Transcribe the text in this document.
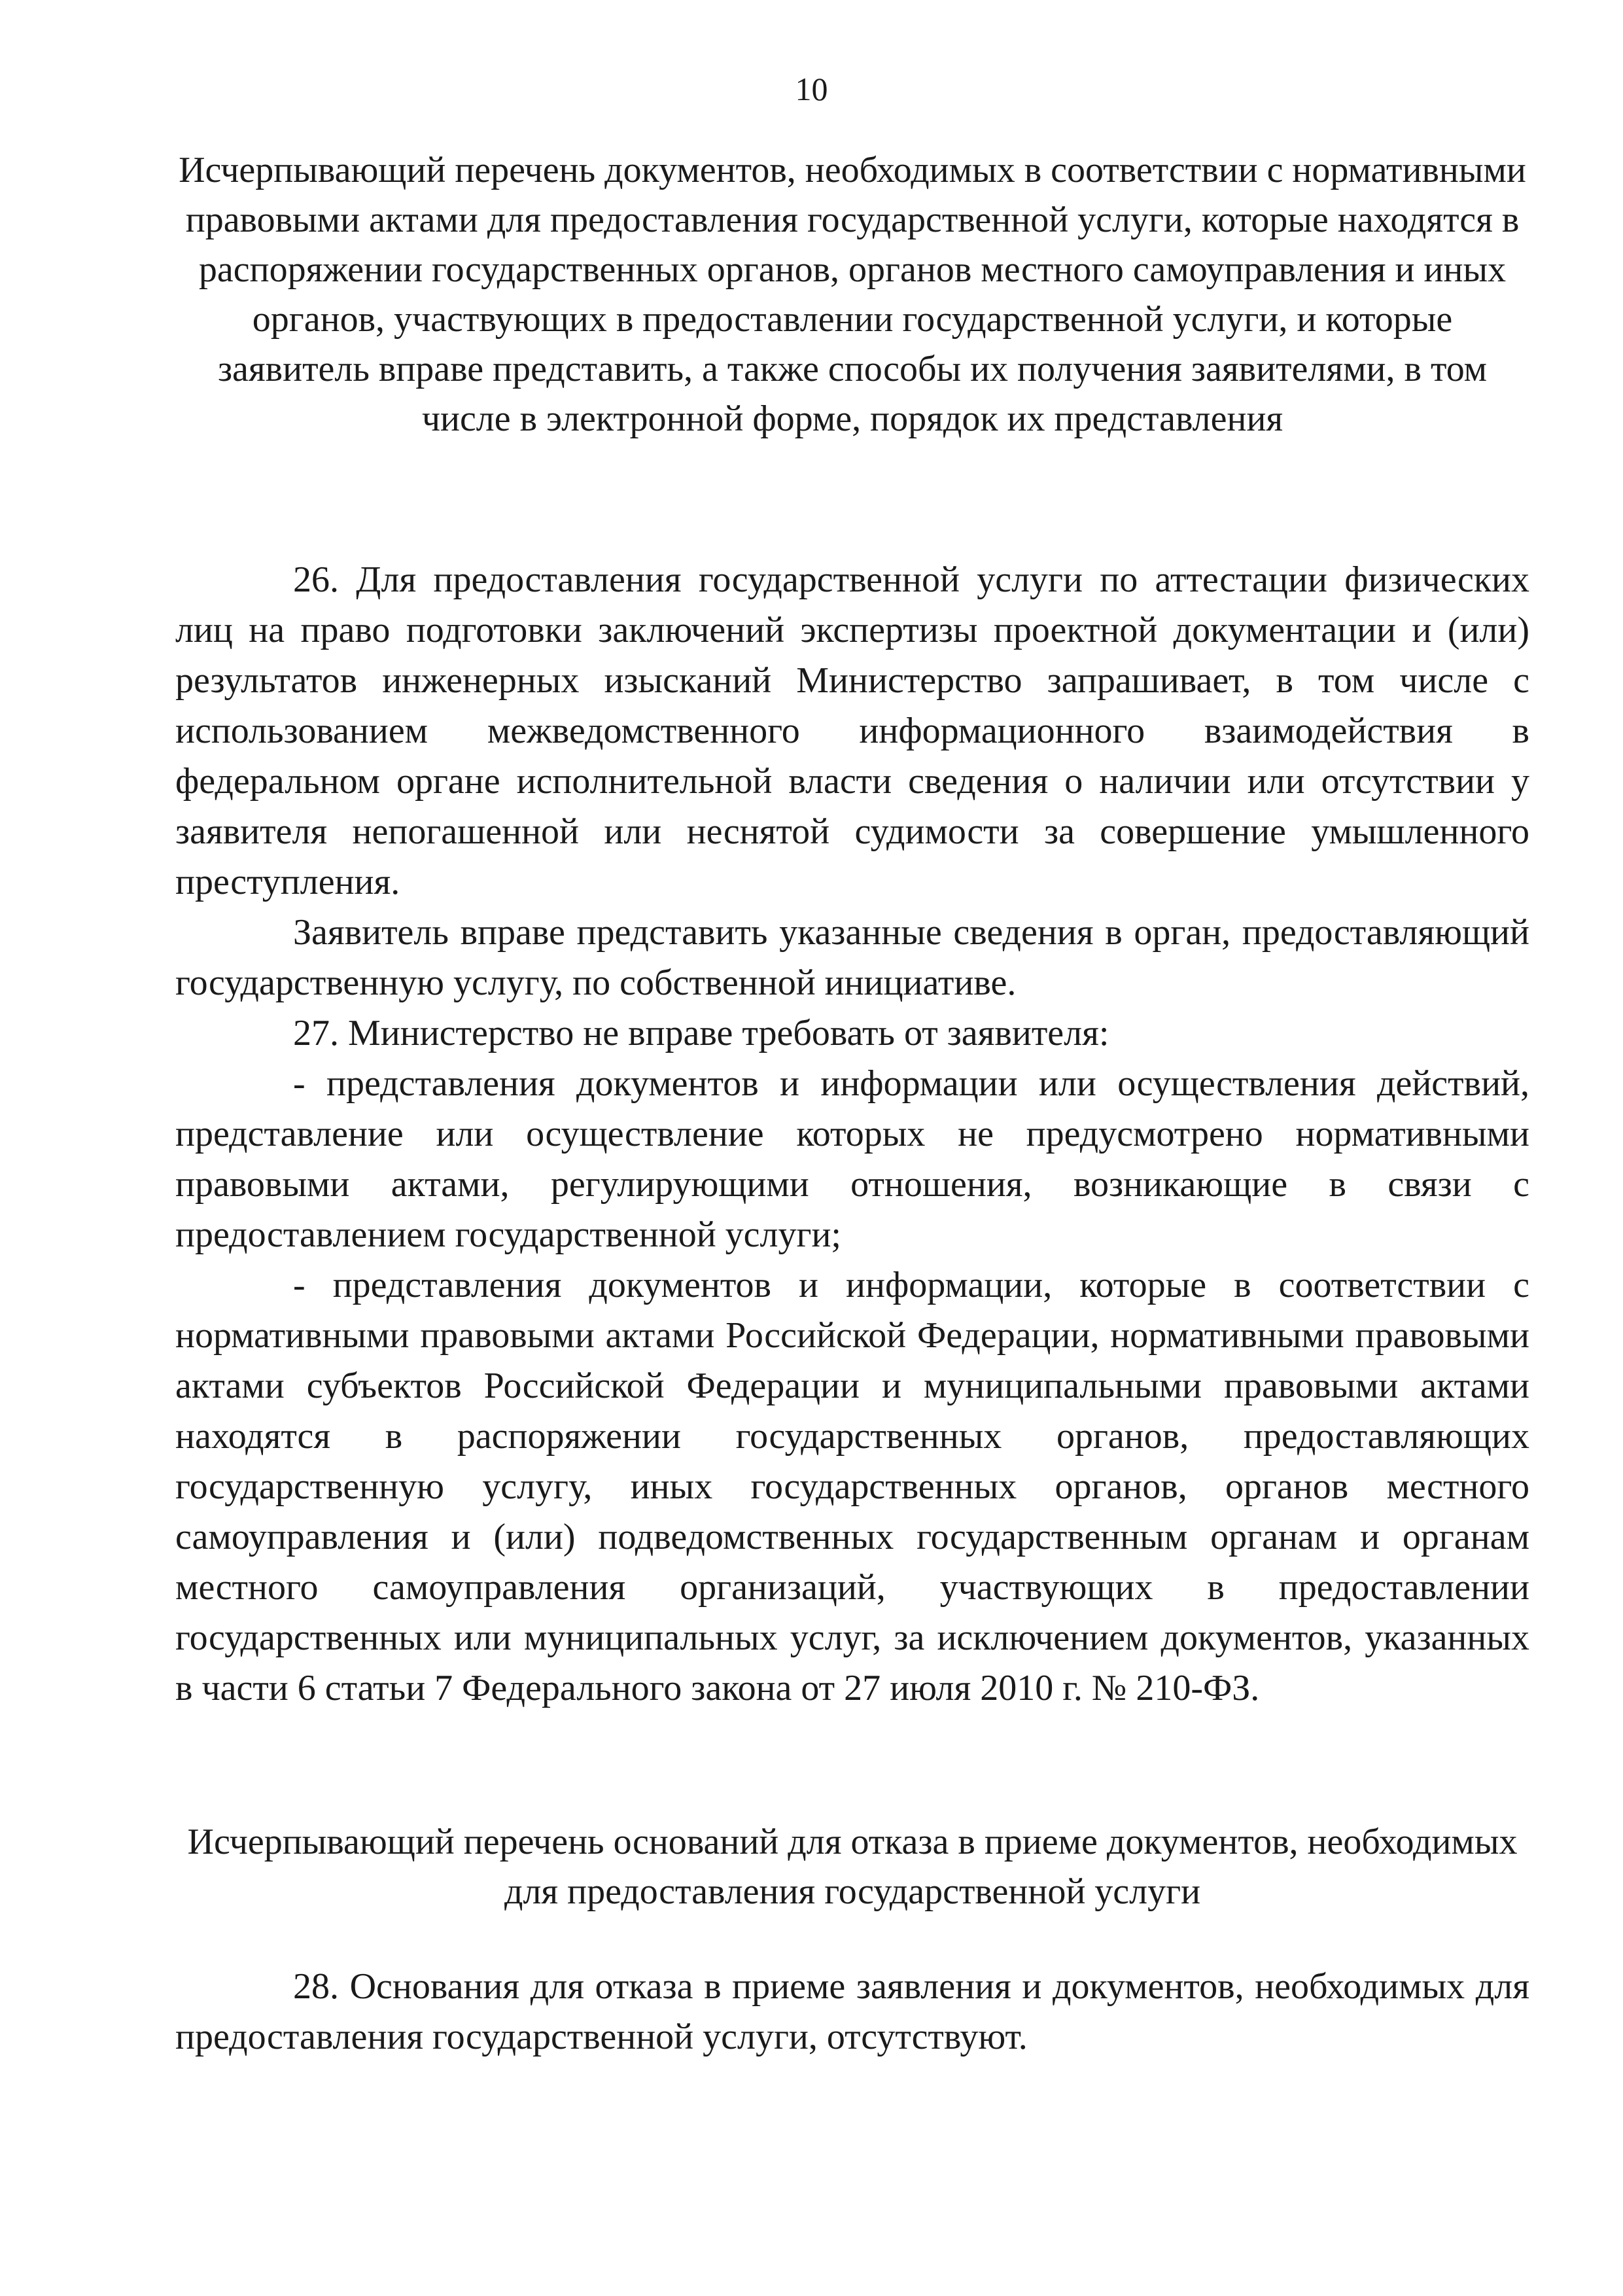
10
Исчерпывающий перечень документов, необходимых в соответствии с нормативными правовыми актами для предоставления государственной услуги, которые находятся в распоряжении государственных органов, органов местного самоуправления и иных органов, участвующих в предоставлении государственной услуги, и которые заявитель вправе представить, а также способы их получения заявителями, в том числе в электронной форме, порядок их представления

26. Для предоставления государственной услуги по аттестации физических лиц на право подготовки заключений экспертизы проектной документации и (или) результатов инженерных изысканий Министерство запрашивает, в том числе с использованием межведомственного информационного взаимодействия в федеральном органе исполнительной власти сведения о наличии или отсутствии у заявителя непогашенной или неснятой судимости за совершение умышленного преступления.

Заявитель вправе представить указанные сведения в орган, предоставляющий государственную услугу, по собственной инициативе.

27. Министерство не вправе требовать от заявителя:

- представления документов и информации или осуществления действий, представление или осуществление которых не предусмотрено нормативными правовыми актами, регулирующими отношения, возникающие в связи с предоставлением государственной услуги;

- представления документов и информации, которые в соответствии с нормативными правовыми актами Российской Федерации, нормативными правовыми актами субъектов Российской Федерации и муниципальными правовыми актами находятся в распоряжении государственных органов, предоставляющих государственную услугу, иных государственных органов, органов местного самоуправления и (или) подведомственных государственным органам и органам местного самоуправления организаций, участвующих в предоставлении государственных или муниципальных услуг, за исключением документов, указанных в части 6 статьи 7 Федерального закона от 27 июля 2010 г. № 210-ФЗ.

Исчерпывающий перечень оснований для отказа в приеме документов, необходимых для предоставления государственной услуги

28. Основания для отказа в приеме заявления и документов, необходимых для предоставления государственной услуги, отсутствуют.
